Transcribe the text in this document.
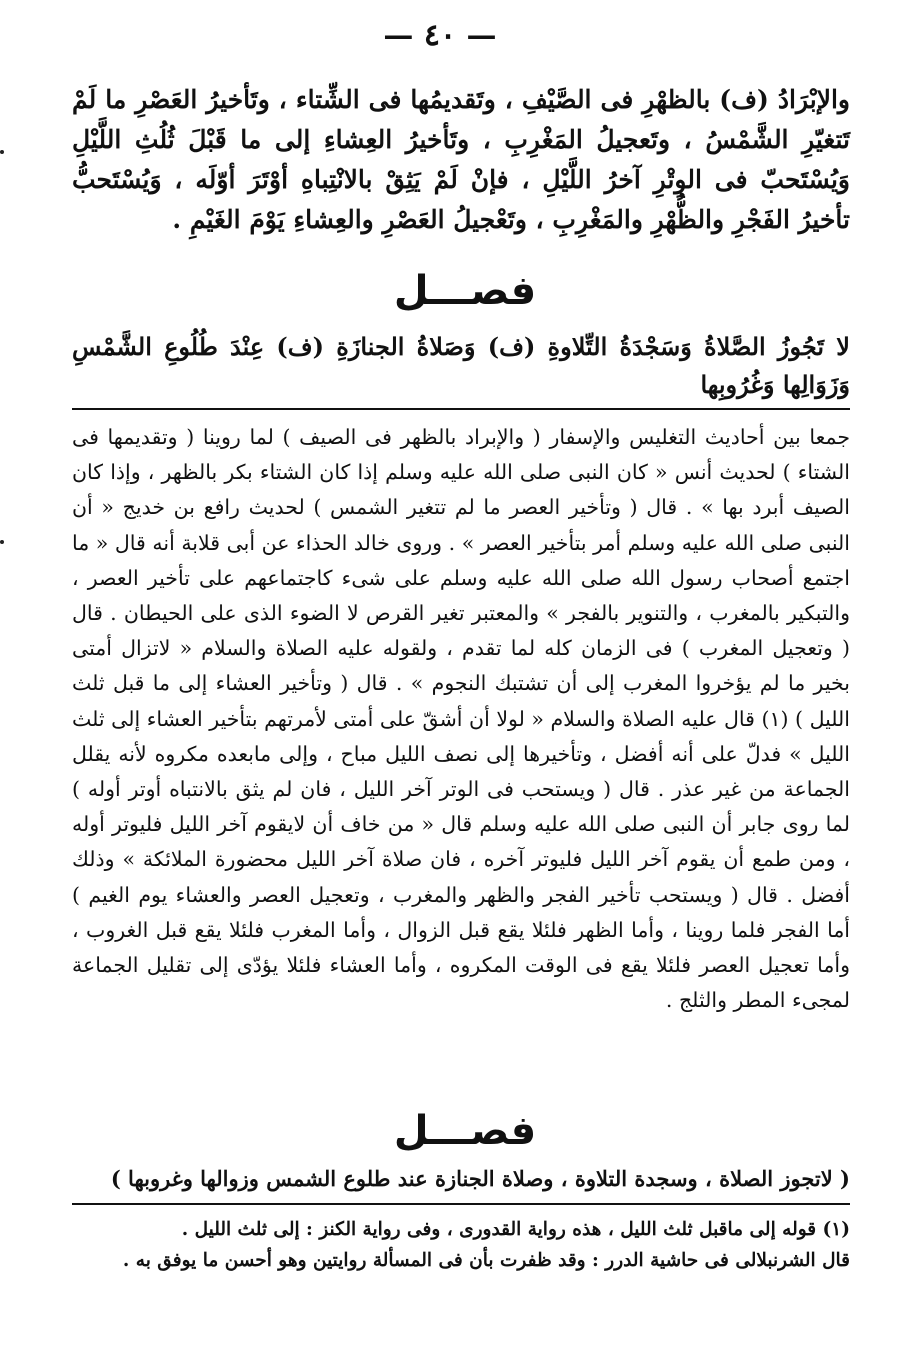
— ٤٠ —

والإبْرَادُ (ف) بالظهْرِ فى الصَّيْفِ ، وتَقديمُها فى الشِّتاء ، وتَأخيرُ العَصْرِ ما لَمْ تَتغيّرِ الشَّمْسُ ، وتَعجيلُ المَغْرِبِ ، وتَأخيرُ العِشاءِ إلى ما قَبْلَ ثُلُثِ اللَّيْلِ وَيُسْتَحبّ فى الوِتْرِ آخرُ اللَّيْلِ ، فإنْ لَمْ يَثِقْ بالانْتِباهِ أوْتَرَ أوّلَه ، وَيُسْتَحبُّ تأخيرُ الفَجْرِ والظُّهْرِ والمَغْرِبِ ، وتَعْجيلُ العَصْرِ والعِشاءِ يَوْمَ الغَيْمِ .

فصـــل

لا تَجُوزُ الصَّلاةُ وَسَجْدَةُ التِّلاوةِ (ف) وَصَلاةُ الجنازَةِ (ف) عِنْدَ طُلُوعِ الشَّمْسِ وَزَوَالِها وَغُرُوبِها

جمعا بين أحاديث التغليس والإسفار ( والإبراد بالظهر فى الصيف ) لما روينا ( وتقديمها فى الشتاء ) لحديث أنس « كان النبى صلى الله عليه وسلم إذا كان الشتاء بكر بالظهر ، وإذا كان الصيف أبرد بها » . قال ( وتأخير العصر ما لم تتغير الشمس ) لحديث رافع بن خديج « أن النبى صلى الله عليه وسلم أمر بتأخير العصر » . وروى خالد الحذاء عن أبى قلابة أنه قال « ما اجتمع أصحاب رسول الله صلى الله عليه وسلم على شىء كاجتماعهم على تأخير العصر ، والتبكير بالمغرب ، والتنوير بالفجر » والمعتبر تغير القرص لا الضوء الذى على الحيطان . قال ( وتعجيل المغرب ) فى الزمان كله لما تقدم ، ولقوله عليه الصلاة والسلام « لاتزال أمتى بخير ما لم يؤخروا المغرب إلى أن تشتبك النجوم » . قال ( وتأخير العشاء إلى ما قبل ثلث الليل ) (١) قال عليه الصلاة والسلام « لولا أن أشقّ على أمتى لأمرتهم بتأخير العشاء إلى ثلث الليل » فدلّ على أنه أفضل ، وتأخيرها إلى نصف الليل مباح ، وإلى مابعده مكروه لأنه يقلل الجماعة من غير عذر . قال ( ويستحب فى الوتر آخر الليل ، فان لم يثق بالانتباه أوتر أوله ) لما روى جابر أن النبى صلى الله عليه وسلم قال « من خاف أن لايقوم آخر الليل فليوتر أوله ، ومن طمع أن يقوم آخر الليل فليوتر آخره ، فان صلاة آخر الليل محضورة الملائكة » وذلك أفضل . قال ( ويستحب تأخير الفجر والظهر والمغرب ، وتعجيل العصر والعشاء يوم الغيم ) أما الفجر فلما روينا ، وأما الظهر فلئلا يقع قبل الزوال ، وأما المغرب فلئلا يقع قبل الغروب ، وأما تعجيل العصر فلئلا يقع فى الوقت المكروه ، وأما العشاء فلئلا يؤدّى إلى تقليل الجماعة لمجىء المطر والثلج .

فصـــل

( لاتجوز الصلاة ، وسجدة التلاوة ، وصلاة الجنازة عند طلوع الشمس وزوالها وغروبها )

(١) قوله إلى ماقبل ثلث الليل ، هذه رواية القدورى ، وفى رواية الكنز : إلى ثلث الليل .

قال الشرنبلالى فى حاشية الدرر : وقد ظفرت بأن فى المسألة روايتين وهو أحسن ما يوفق به .
